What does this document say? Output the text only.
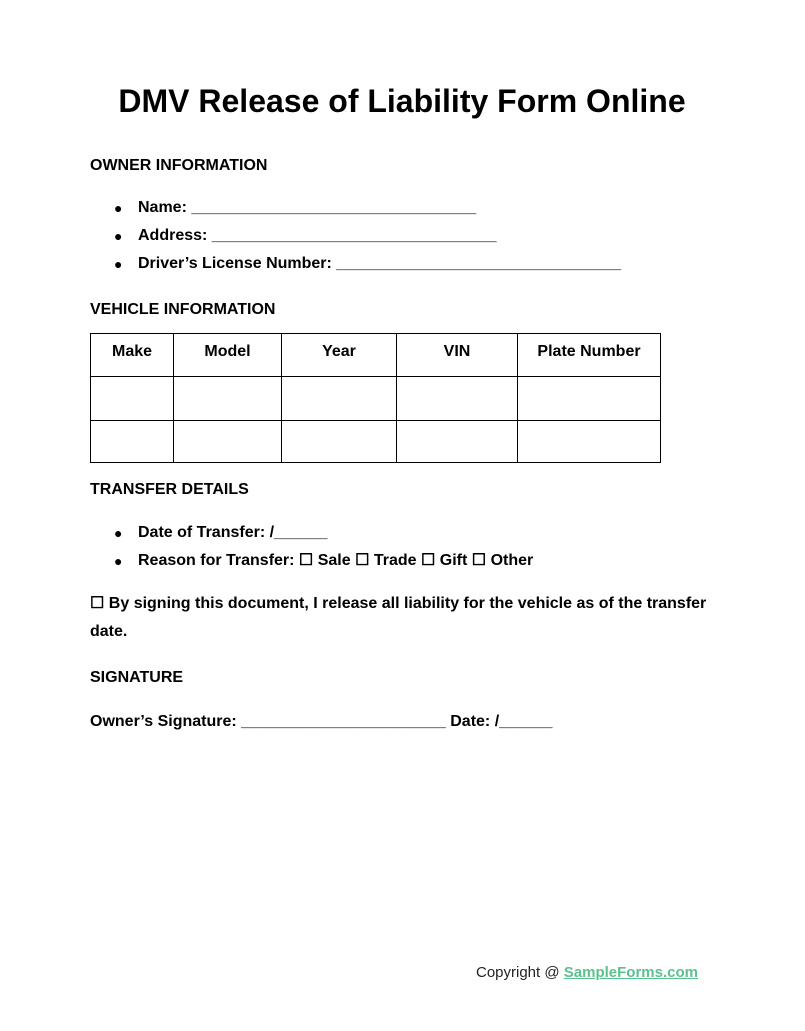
DMV Release of Liability Form Online
OWNER INFORMATION
● Name: ________________________________
● Address: ________________________________
● Driver’s License Number: ________________________________
VEHICLE INFORMATION
Make	Model	Year	VIN	Plate Number

TRANSFER DETAILS
● Date of Transfer: /______
● Reason for Transfer: ☐ Sale ☐ Trade ☐ Gift ☐ Other
☐ By signing this document, I release all liability for the vehicle as of the transfer date.
SIGNATURE
Owner’s Signature: _______________________ Date: /______
Copyright @ SampleForms.com
